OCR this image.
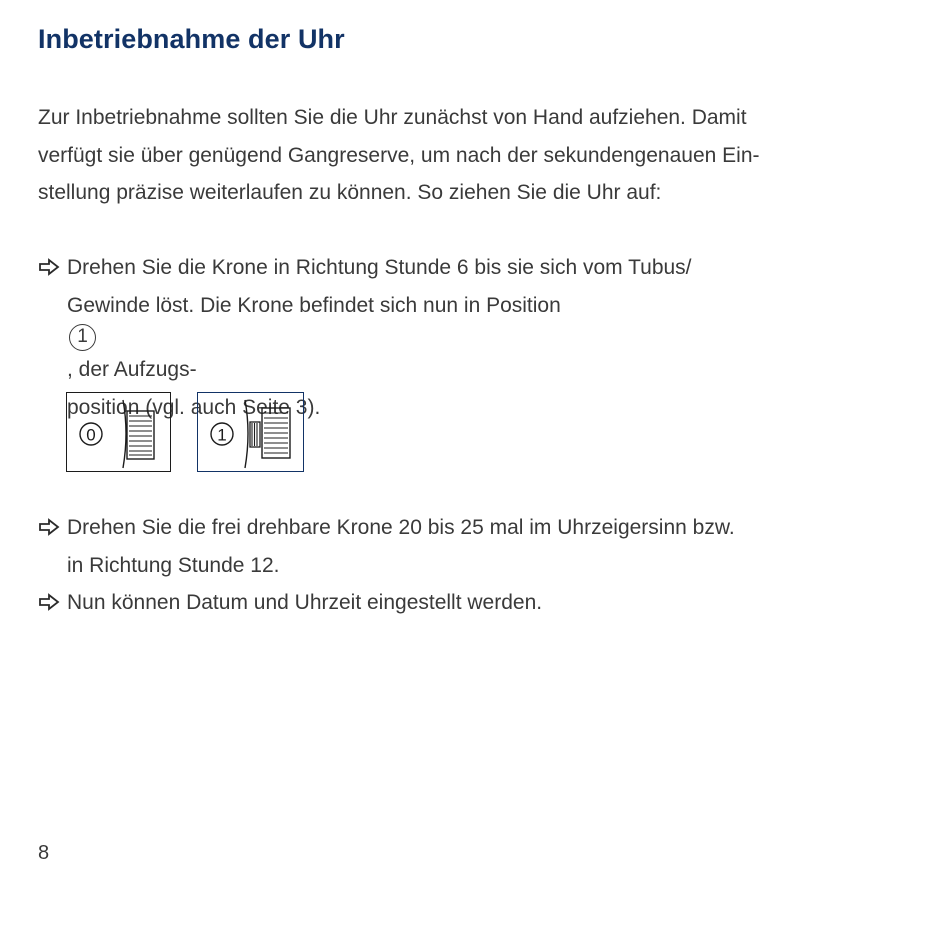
Inbetriebnahme der Uhr
Zur Inbetriebnahme sollten Sie die Uhr zunächst von Hand aufziehen. Damit
verfügt sie über genügend Gangreserve, um nach der sekundengenauen Ein-
stellung präzise weiterlaufen zu können. So ziehen Sie die Uhr auf:
Drehen Sie die Krone in Richtung Stunde 6 bis sie sich vom Tubus/
Gewinde löst. Die Krone befindet sich nun in Position
1
, der Aufzugs-
position (vgl. auch Seite 3).
0	1
Drehen Sie die frei drehbare Krone 20 bis 25 mal im Uhrzeigersinn bzw.
in Richtung Stunde 12.
Nun können Datum und Uhrzeit eingestellt werden.
8
